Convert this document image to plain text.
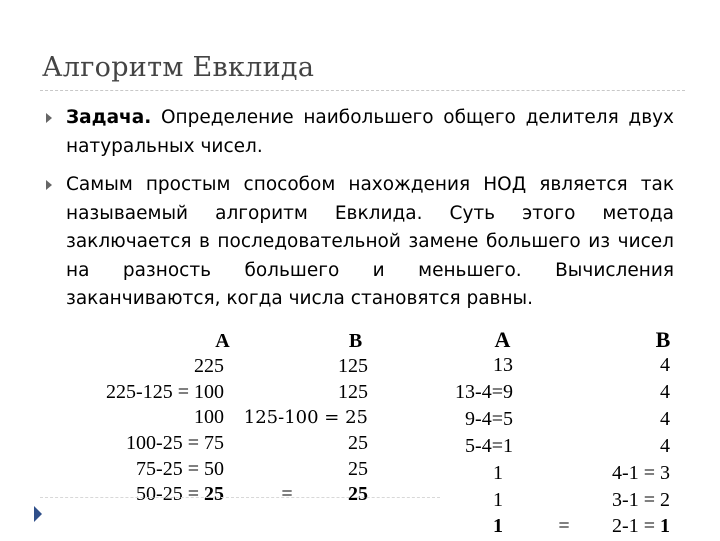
Алгоритм Евклида
Задача. Определение наибольшего общего делителя двух натуральных чисел.
Самым простым способом нахождения НОД является так называемый алгоритм Евклида. Суть этого метода заключается в последовательной замене большего из чисел на разность большего и меньшего. Вычисления заканчиваются, когда числа становятся равны.
A	B
225	125
225-125 = 100	125
100 125-100 = 25
100-25 = 75	25
75-25 = 50	25
50-25 = 25	=	25
A	B
13	4
13-4=9	4
9-4=5	4
5-4=1	4
1	4-1 = 3
1	3-1 = 2
1	=	2-1 = 1
